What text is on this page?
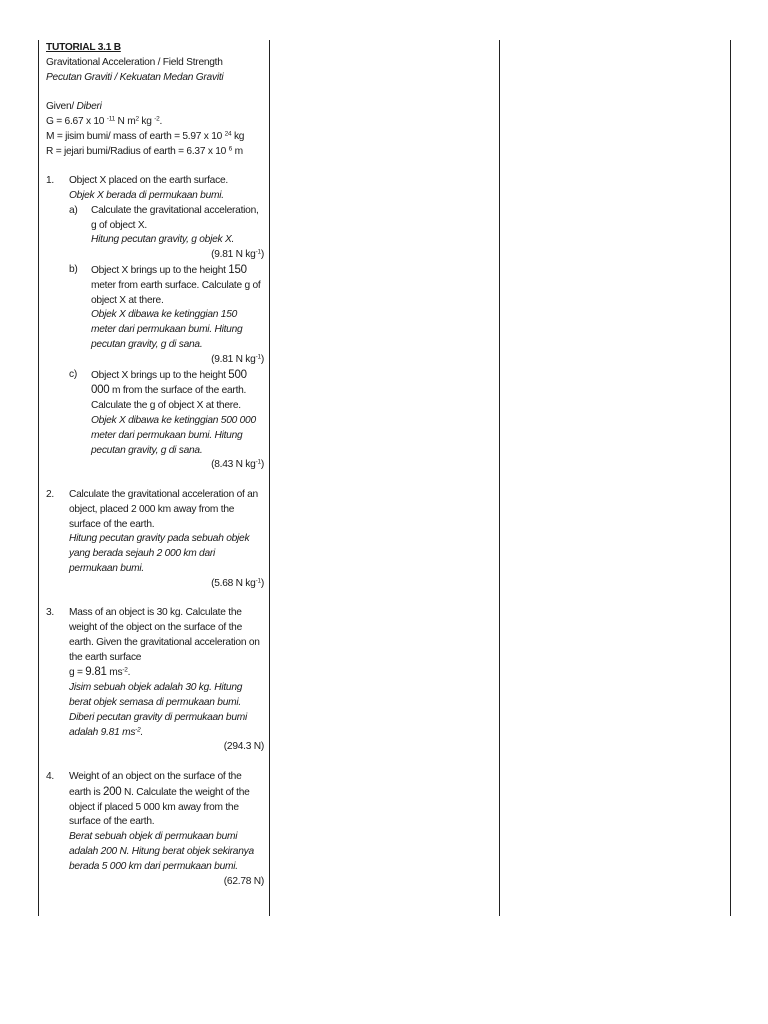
TUTORIAL 3.1 B
Gravitational Acceleration / Field Strength
Pecutan Graviti / Kekuatan Medan Graviti
Given/ Diberi
G = 6.67 x 10 $^{-11}$ N $m^2$ kg $^{-2}$.
M = jisim bumi/ mass of earth = 5.97 x 10 $^{24}$ kg
R = jejari bumi/Radius of earth = 6.37 x 10 $^6$ m
1.	Object X placed on the earth surface.
Objek X berada di permukaan bumi.
a)	Calculate the gravitational acceleration, g of object X.
Hitung pecutan gravity, g objek X.
(9.81 N $kg^{-1}$)
b)	Object X brings up to the height 150 meter from earth surface. Calculate g of object X at there.
Objek X dibawa ke ketinggian 150 meter dari permukaan bumi. Hitung pecutan gravity, g di sana.
(9.81 N $kg^{-1}$)
c)	Object X brings up to the height 500 000 m from the surface of the earth. Calculate the g of object X at there.
Objek X dibawa ke ketinggian 500 000 meter dari permukaan bumi. Hitung pecutan gravity, g di sana.
(8.43 N $kg^{-1}$)
2.	Calculate the gravitational acceleration of an object, placed 2 000 km away from the surface of the earth.
Hitung pecutan gravity pada sebuah objek yang berada sejauh 2 000 km dari permukaan bumi.
(5.68 N $kg^{-1}$)
3.	Mass of an object is 30 kg. Calculate the weight of the object on the surface of the earth. Given the gravitational acceleration on the earth surface
g = 9.81 $ms^{-2}$.
Jisim sebuah objek adalah 30 kg. Hitung berat objek semasa di permukaan bumi. Diberi pecutan gravity di permukaan bumi adalah 9.81 $ms^{-2}$.
(294.3 N)
4.	Weight of an object on the surface of the earth is 200 N. Calculate the weight of the object if placed 5 000 km away from the surface of the earth.
Berat sebuah objek di permukaan bumi adalah 200 N. Hitung berat objek sekiranya berada 5 000 km dari permukaan bumi.
(62.78 N)
